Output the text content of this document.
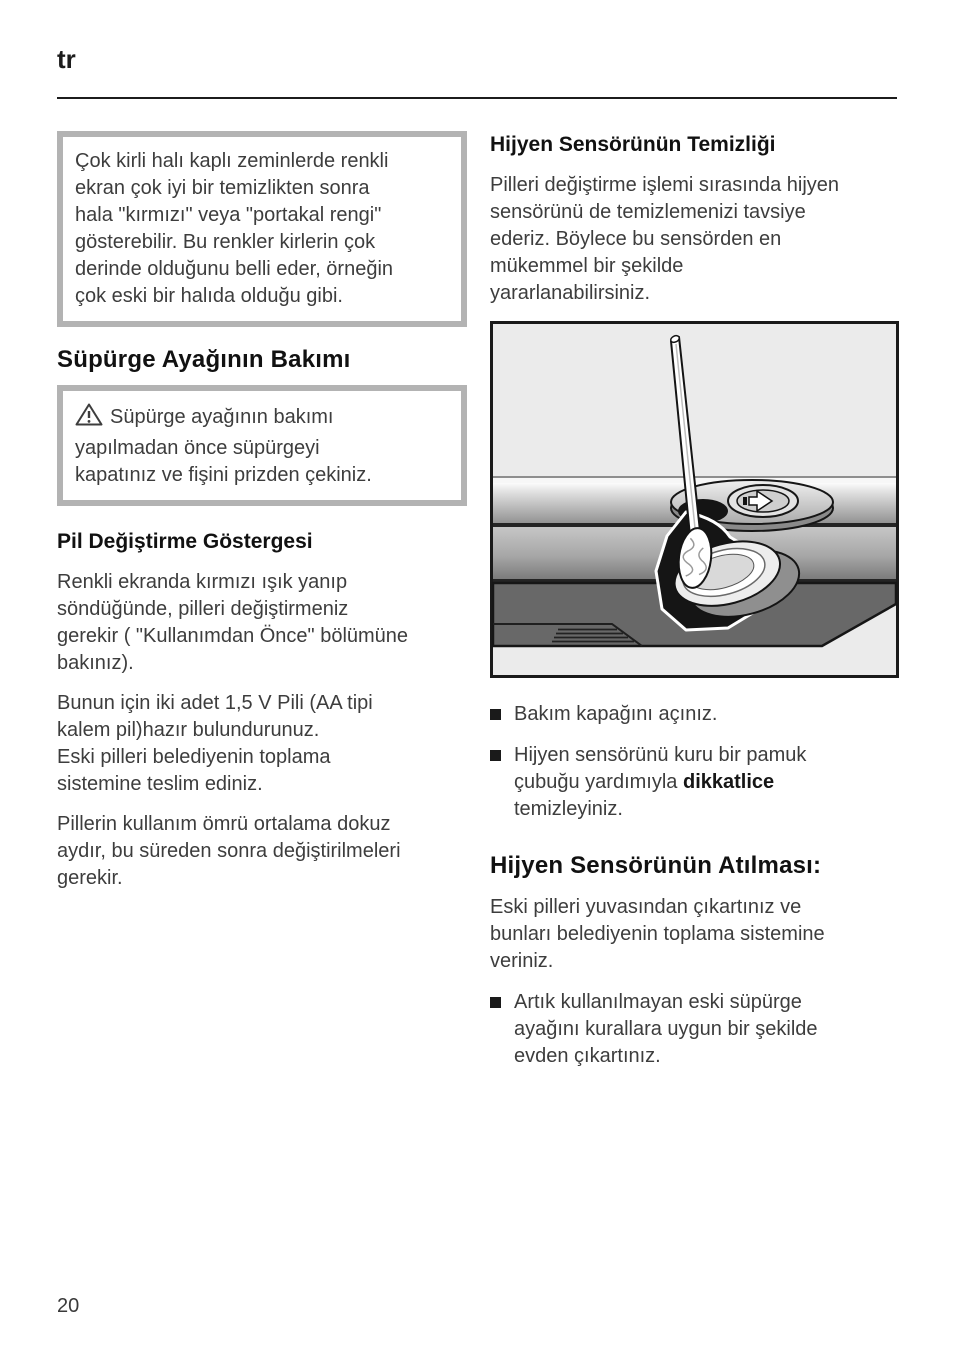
tr
Çok kirli halı kaplı zeminlerde renkli
ekran çok iyi bir temizlikten sonra
hala "kırmızı" veya "portakal rengi"
gösterebilir. Bu renkler kirlerin çok
derinde olduğunu belli eder, örneğin
çok eski bir halıda olduğu gibi.
Süpürge Ayağının Bakımı
Süpürge ayağının bakımı
yapılmadan önce süpürgeyi
kapatınız ve fişini prizden çekiniz.
Pil Değiştirme Göstergesi

Renkli ekranda kırmızı ışık yanıp
söndüğünde, pilleri değiştirmeniz
gerekir ( "Kullanımdan Önce" bölümüne
bakınız).

Bunun için iki adet 1,5 V Pili (AA tipi
kalem pil)hazır bulundurunuz.
Eski pilleri belediyenin toplama
sistemine teslim ediniz.

Pillerin kullanım ömrü ortalama dokuz
aydır, bu süreden sonra değiştirilmeleri
gerekir.

Hijyen Sensörünün Temizliği

Pilleri değiştirme işlemi sırasında hijyen
sensörünü de temizlemenizi tavsiye
ederiz. Böylece bu sensörden en
mükemmel bir şekilde
yararlanabilirsiniz.

Bakım kapağını açınız.
Hijyen sensörünü kuru bir pamuk
çubuğu yardımıyla dikkatlice
temizleyiniz.
Hijyen Sensörünün Atılması:

Eski pilleri yuvasından çıkartınız ve
bunları belediyenin toplama sistemine
veriniz.

Artık kullanılmayan eski süpürge
ayağını kurallara uygun bir şekilde
evden çıkartınız.
20
